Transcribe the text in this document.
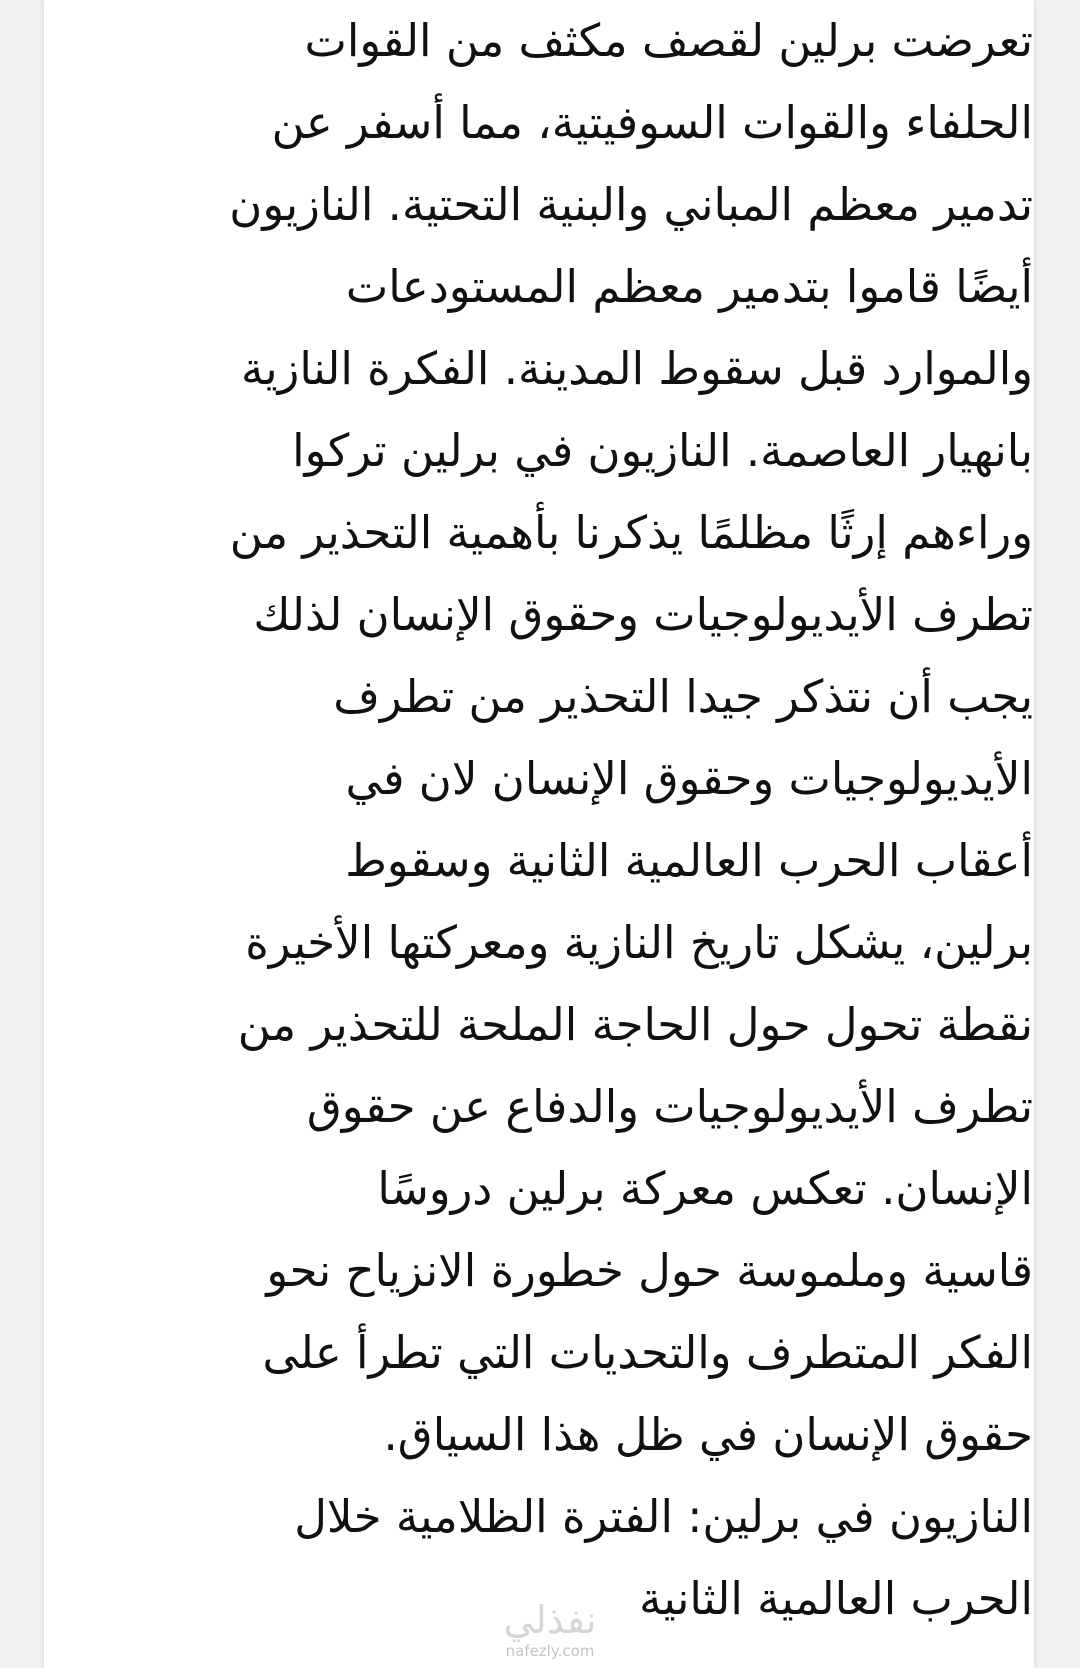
تعرضت برلين لقصف مكثف من القوات
الحلفاء والقوات السوفيتية، مما أسفر عن
تدمير معظم المباني والبنية التحتية. النازيون
أيضًا قاموا بتدمير معظم المستودعات
والموارد قبل سقوط المدينة. الفكرة النازية
بانهيار العاصمة. النازيون في برلين تركوا
وراءهم إرثًا مظلمًا يذكرنا بأهمية التحذير من
تطرف الأيديولوجيات وحقوق الإنسان لذلك
يجب أن نتذكر جيدا التحذير من تطرف
الأيديولوجيات وحقوق الإنسان لان في
أعقاب الحرب العالمية الثانية وسقوط
برلين، يشكل تاريخ النازية ومعركتها الأخيرة
نقطة تحول حول الحاجة الملحة للتحذير من
تطرف الأيديولوجيات والدفاع عن حقوق
الإنسان. تعكس معركة برلين دروسًا
قاسية وملموسة حول خطورة الانزياح نحو
الفكر المتطرف والتحديات التي تطرأ على
حقوق الإنسان في ظل هذا السياق.
النازيون في برلين: الفترة الظلامية خلال
الحرب العالمية الثانية
نفذلي
nafezly.com
